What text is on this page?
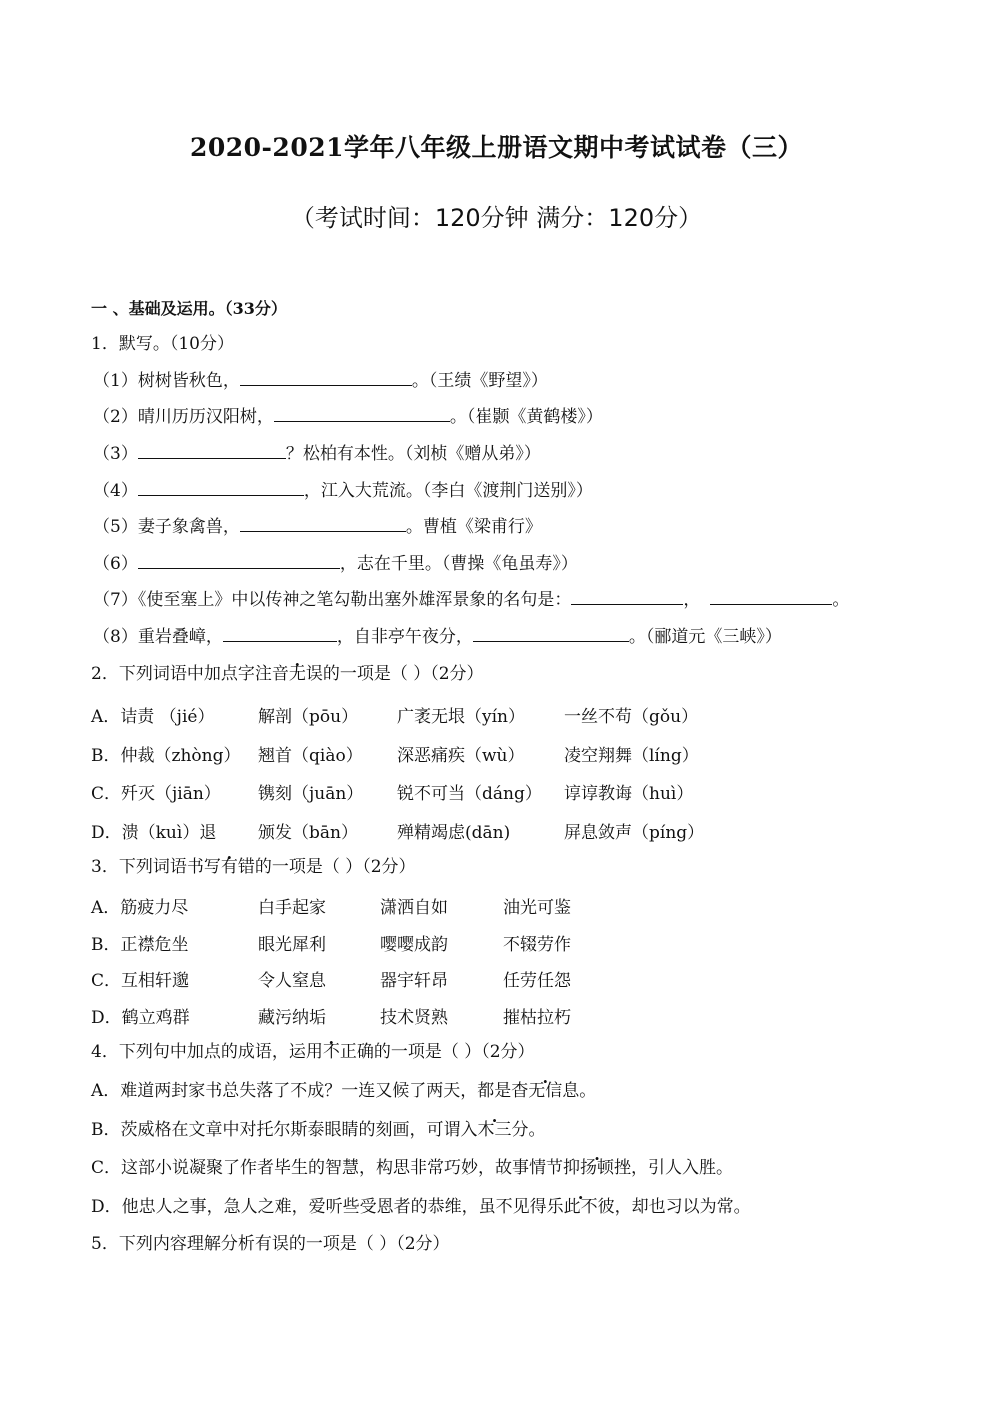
2020-2021学年八年级上册语文期中考试试卷（三）
（考试时间：120分钟 满分：120分）
一 、基础及运用。（33分）
1．默写。（10分）
（1）树树皆秋色，	。（王绩《野望》）
（2）晴川历历汉阳树，	。（崔颢《黄鹤楼》）
（3）	？松柏有本性。（刘桢《赠从弟》）
（4）	，江入大荒流。（李白《渡荆门送别》）
（5）妻子象禽兽，	。曹植《梁甫行》
（6）	，志在千里。（曹操《龟虽寿》）
（7）《使至塞上》中以传神之笔勾勒出塞外雄浑景象的名句是：	，	。
（8）重岩叠嶂，	，自非亭午夜分，	。（郦道元《三峡》）
2．下列词语中加点字注音无误的一项是（ ）（2分）
A．诘责 （jié）	解剖（pōu） 广袤无垠（yín） 一丝不苟（gǒu）
B．仲裁（zhòng） 翘首（qiào） 深恶痛疾（wù） 凌空翔舞（líng）
C．歼灭（jiān） 镌刻（juān） 锐不可当（dáng） 谆谆教诲（huì）
D．溃（kuì）退 颁发（bān） 殚精竭虑(dān)	屏息敛声（píng）
3．下列词语书写有错的一项是（ ）（2分）
A．筋疲力尽	白手起家	潇洒自如	油光可鉴
B．正襟危坐	眼光犀利	嘤嘤成韵	不辍劳作
C．互相轩邈	令人窒息	器宇轩昂	任劳任怨
D．鹤立鸡群	藏污纳垢	技术贤熟	摧枯拉朽
4．下列句中加点的成语，运用不正确的一项是（ ）（2分）
A．难道两封家书总失落了不成？一连又候了两天，都是杳无信息。
B．茨威格在文章中对托尔斯泰眼睛的刻画，可谓入木三分。
C．这部小说凝聚了作者毕生的智慧，构思非常巧妙，故事情节抑扬顿挫，引人入胜。
D．他忠人之事，急人之难，爱听些受恩者的恭维，虽不见得乐此不彼，却也习以为常。
5．下列内容理解分析有误的一项是（ ）（2分）
